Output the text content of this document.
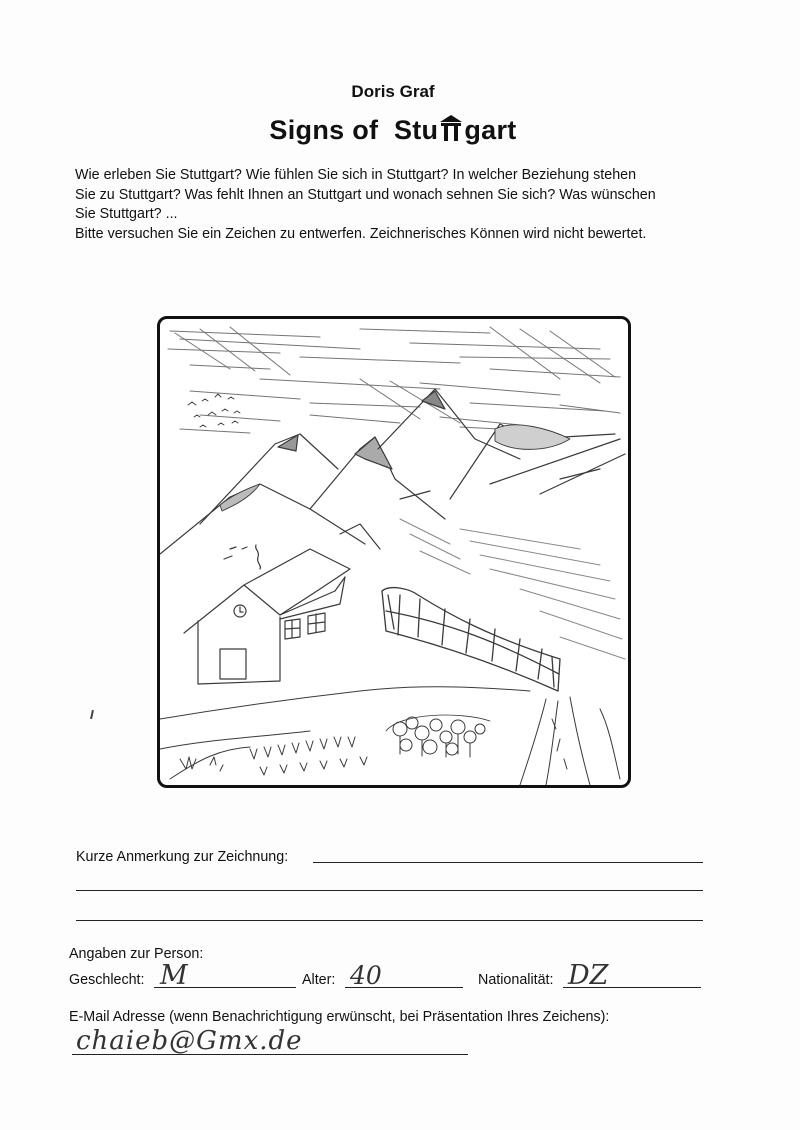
Doris Graf
Signs of Stu gart

Wie erleben Sie Stuttgart? Wie fühlen Sie sich in Stuttgart? In welcher Beziehung stehen

Sie zu Stuttgart? Was fehlt Ihnen an Stuttgart und wonach sehnen Sie sich? Was wünschen

Sie Stuttgart? ...

Bitte versuchen Sie ein Zeichen zu entwerfen. Zeichnerisches Können wird nicht bewertet.

Kurze Anmerkung zur Zeichnung:
Angaben zur Person:
Geschlecht: M	Alter: 40	Nationalität: DZ
E-Mail Adresse (wenn Benachrichtigung erwünscht, bei Präsentation Ihres Zeichens):
chaieb@Gmx.de
